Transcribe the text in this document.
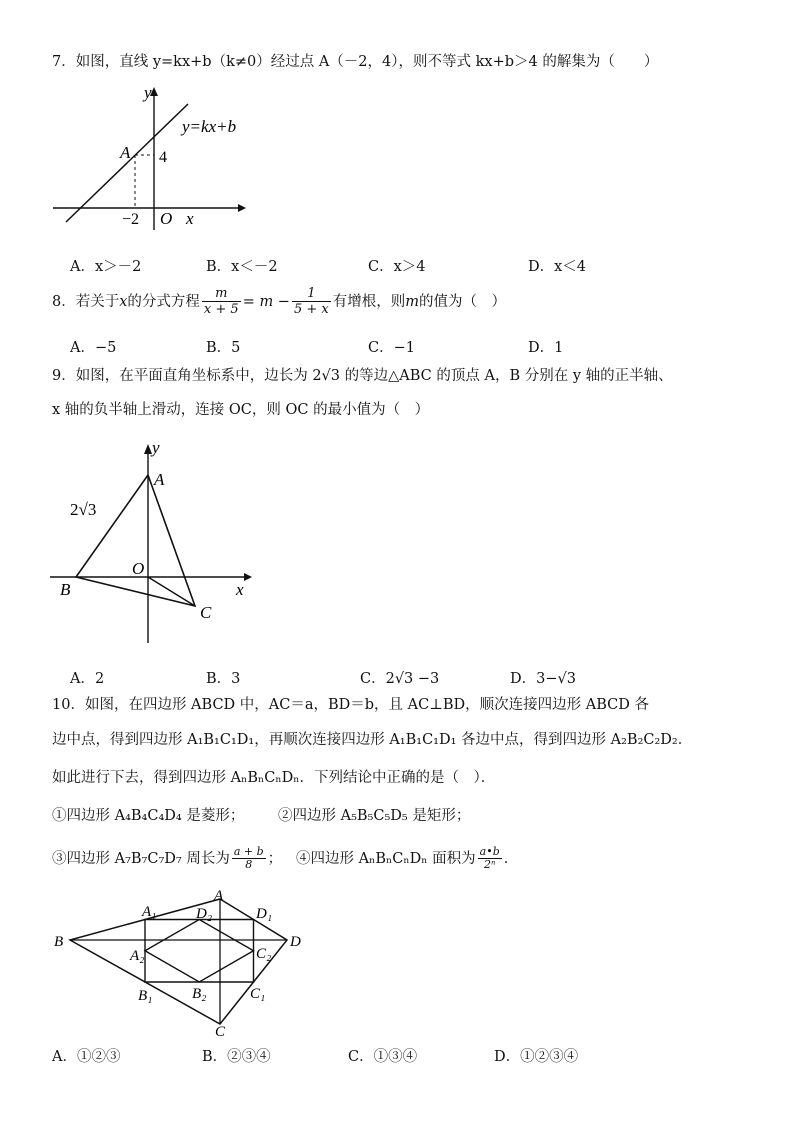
7．如图，直线 y=kx+b（k≠0）经过点 A（－2，4），则不等式 kx+b＞4 的解集为（　　）
y
y=kx+b
A 4
−2 O x
A．x＞－2	B．x＜－2	C．x＞4	D．x＜4
8．若关于 x 的分式方程 $\frac{m}{x + 5} = m - \frac{1}{5 + x}$ 有增根，则 m 的值为（　）
A．−5	B．5	C．−1	D．1
9．如图，在平面直角坐标系中，边长为 2√3 的等边△ABC 的顶点 A，B 分别在 y 轴的正半轴、
x 轴的负半轴上滑动，连接 OC，则 OC 的最小值为（　）
y
A
2√3
B
O
C
x
A．2	B．3	C．2√3 −3	D．3−√3
10．如图，在四边形 ABCD 中，AC＝a，BD＝b，且 AC⊥BD，顺次连接四边形 ABCD 各
边中点，得到四边形 A₁B₁C₁D₁，再顺次连接四边形 A₁B₁C₁D₁ 各边中点，得到四边形 A₂B₂C₂D₂．
如此进行下去，得到四边形 AₙBₙCₙDₙ．下列结论中正确的是（　）．
①四边形 A₄B₄C₄D₄ 是菱形； ②四边形 A₅B₅C₅D₅ 是矩形；
③四边形 A₇B₇C₇D₇ 周长为 $\frac{a + b}{8}$ ； ④四边形 AₙBₙCₙDₙ 面积为 $\frac{a•b}{\text{2ⁿ}}$ ．
A
A₁	D₂	D₁
B
C₂
D
A₂
B₁	B₂	C₁
C
A．①②③	B．②③④	C．①③④	D．①②③④
